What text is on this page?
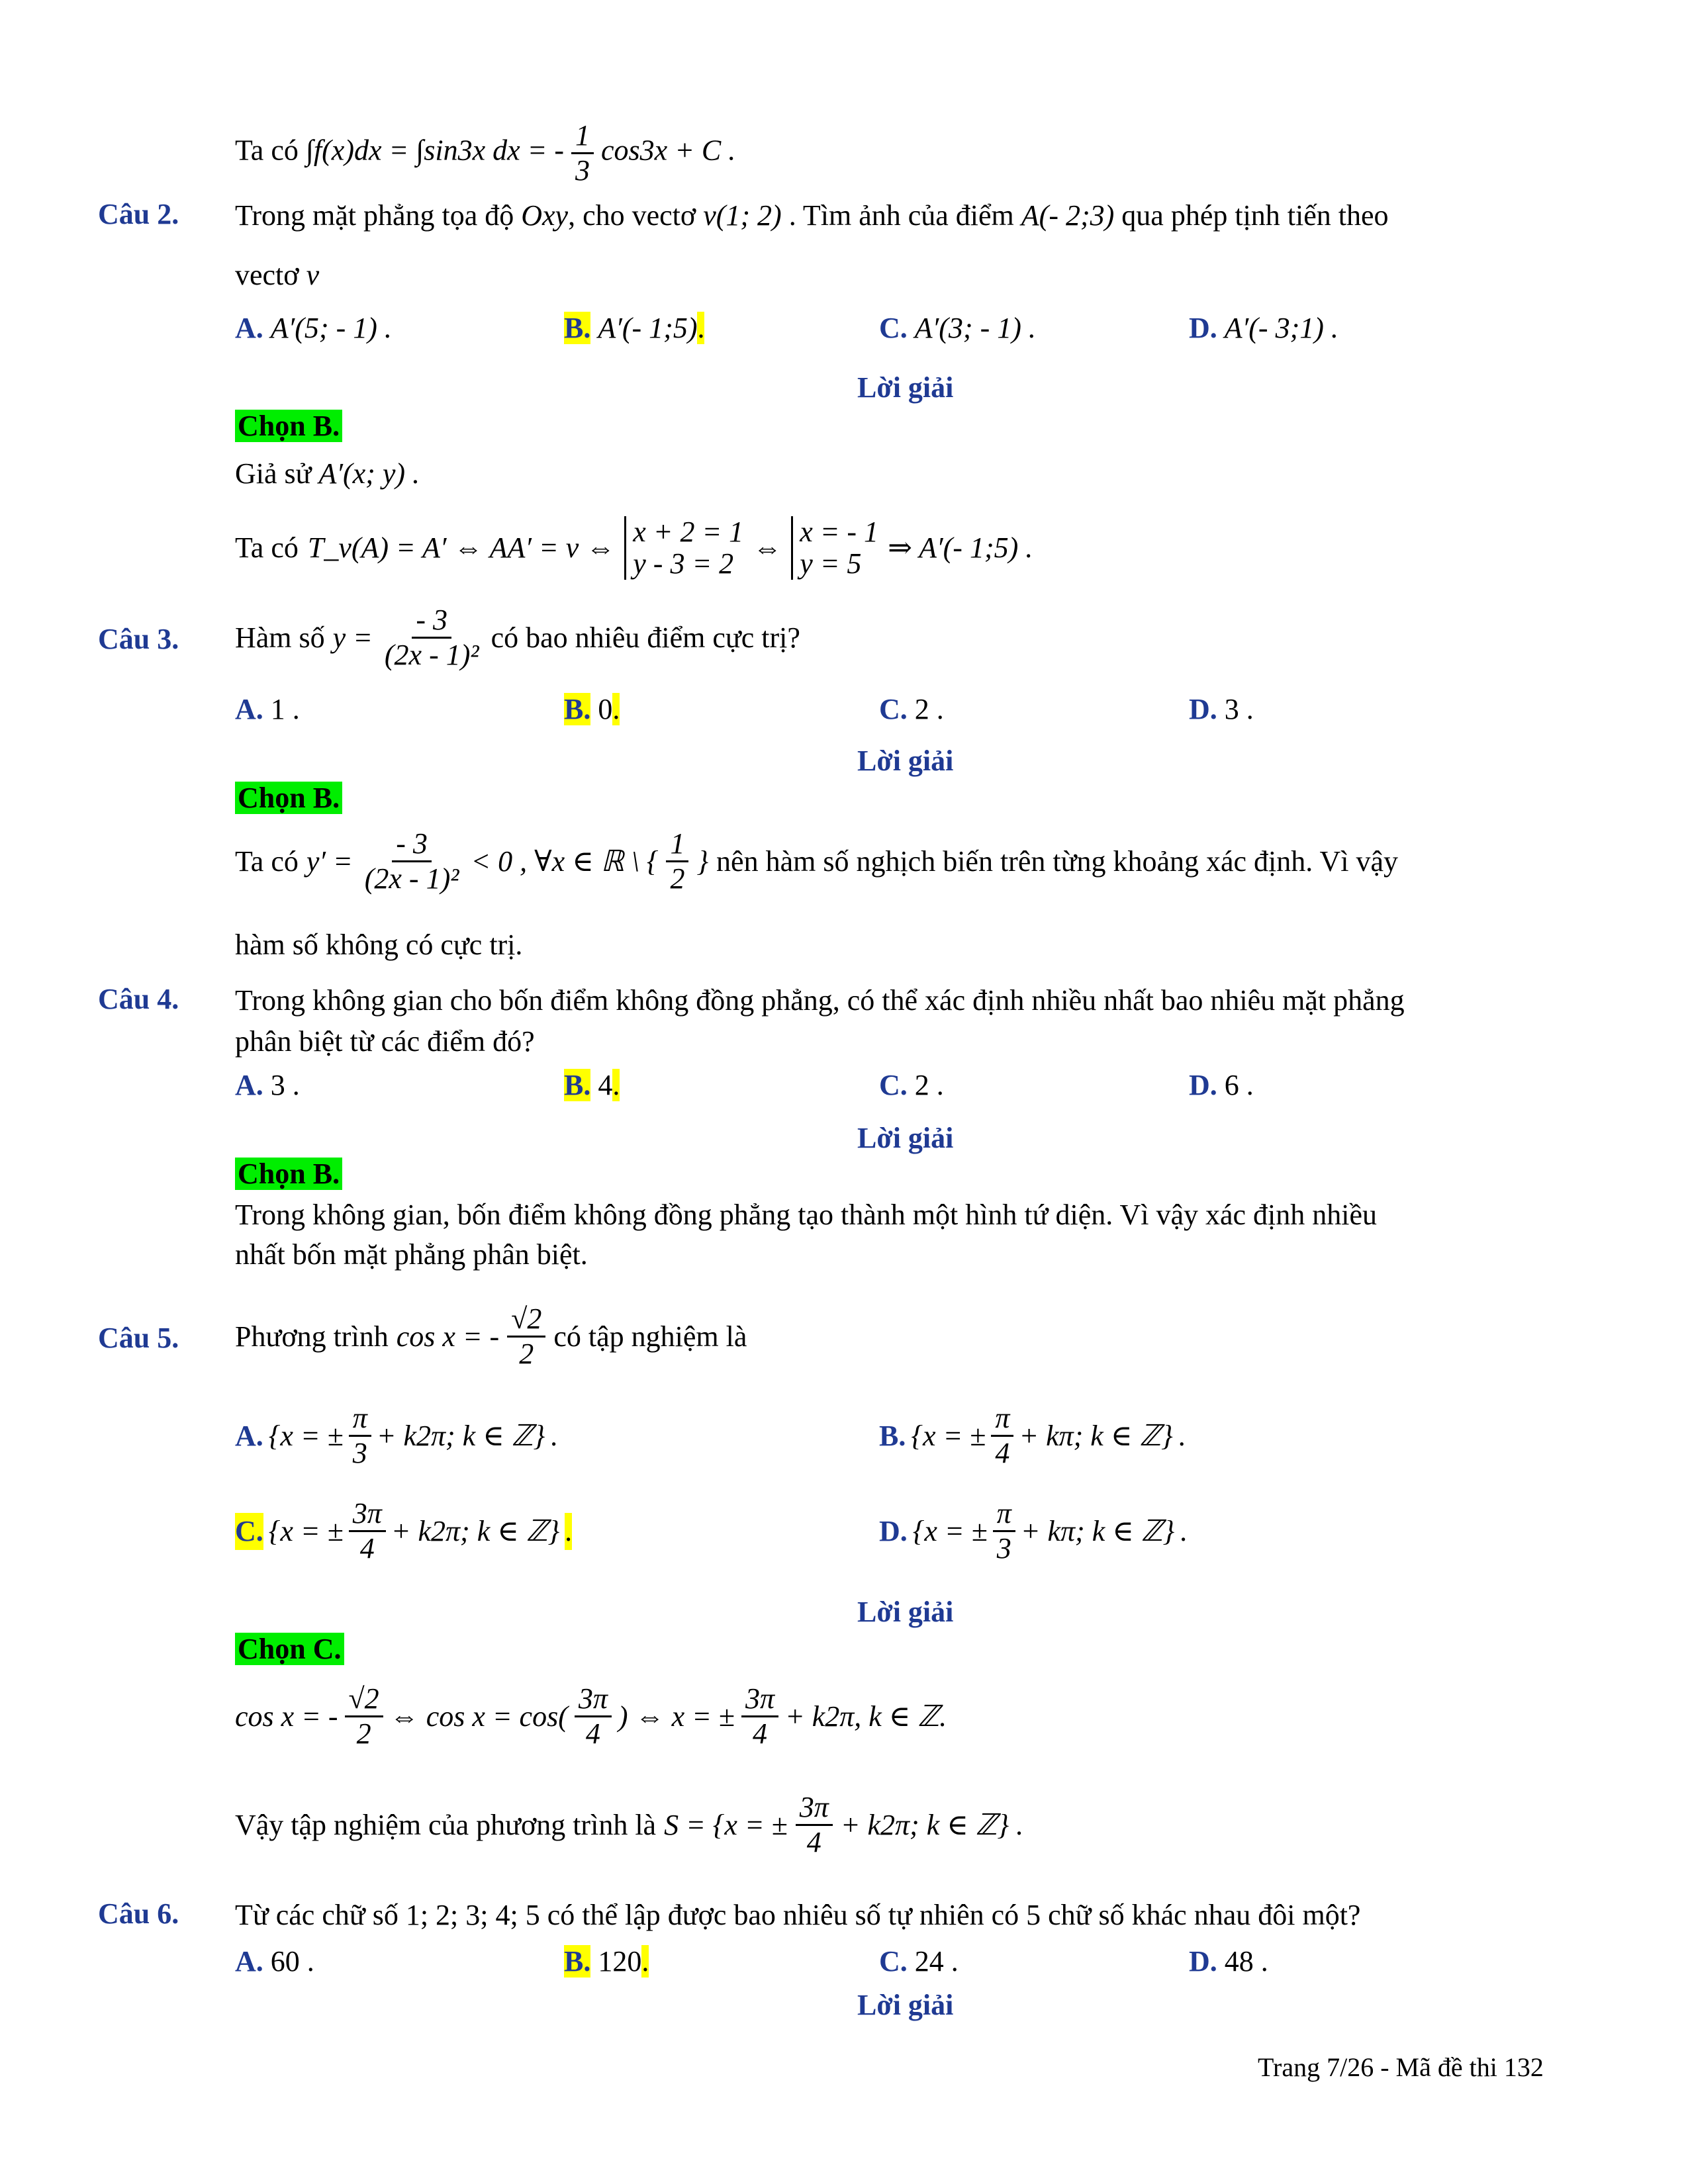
Ta có ∫f(x)dx = ∫sin3x dx = - $\frac{1}{3} \cos 3x + C$ .
Câu 2. Trong mặt phẳng tọa độ Oxy, cho vectơ v(1; 2) . Tìm ảnh của điểm A(- 2;3) qua phép tịnh tiến theo
vectơ v
A. A′(5; - 1) .	B. A′(- 1;5).	C. A′(3; - 1) .	D. A′(- 3;1) .
Lời giải
Chọn B.
Giả sử A′(x; y) .
Ta có T_v(A) = A′ ⇔ AA′ = v ⇔ x + 2 = 1
y - 3 = 2 ⇔ x = - 1
y = 5 ⇒ A′(- 1;5) .
Câu 3. Hàm số $y = \frac{- 3}{\text{(2x - 1)²}}$ có bao nhiêu điểm cực trị?
A. 1 .	B. 0.	C. 2 .	D. 3 .
Lời giải
Chọn B.
Ta có $y' = \frac{- 3}{\text{(2x - 1)²}} < 0$ , ∀x ∈ ℝ \ { $\frac{1}{2}$ } nên hàm số nghịch biến trên từng khoảng xác định. Vì vậy
hàm số không có cực trị.
Câu 4. Trong không gian cho bốn điểm không đồng phẳng, có thể xác định nhiều nhất bao nhiêu mặt phẳng
phân biệt từ các điểm đó?
A. 3 .	B. 4.	C. 2 .	D. 6 .
Lời giải
Chọn B.
Trong không gian, bốn điểm không đồng phẳng tạo thành một hình tứ diện. Vì vậy xác định nhiều
nhất bốn mặt phẳng phân biệt.
Câu 5. Phương trình cos x = - $\frac{√2}{2}$ có tập nghiệm là
A. {x = ± $\frac{\pi}{3} + k2\pi$; k ∈ ℤ} .	B. {x = ± $\frac{\pi}{4} + k\pi$; k ∈ ℤ} .
C. {x = ± $\frac{3\pi}{4} + k2\pi$; k ∈ ℤ} .	D. {x = ± $\frac{\pi}{3} + k\pi$; k ∈ ℤ} .
Lời giải
Chọn C.
cos x = - $\frac{√2}{2}$ ⇔ $\cos x = \cos( \frac{3\pi}{4}$ ) ⇔ x = ± $\frac{3\pi}{4} + k2\pi$, k ∈ ℤ.
Vậy tập nghiệm của phương trình là S = {x = ± $\frac{3\pi}{4} + k2\pi$; k ∈ ℤ} .
Câu 6. Từ các chữ số 1; 2; 3; 4; 5 có thể lập được bao nhiêu số tự nhiên có 5 chữ số khác nhau đôi một?
A. 60 .	B. 120.	C. 24 .	D. 48 .
Lời giải
Trang 7/26 - Mã đề thi 132
